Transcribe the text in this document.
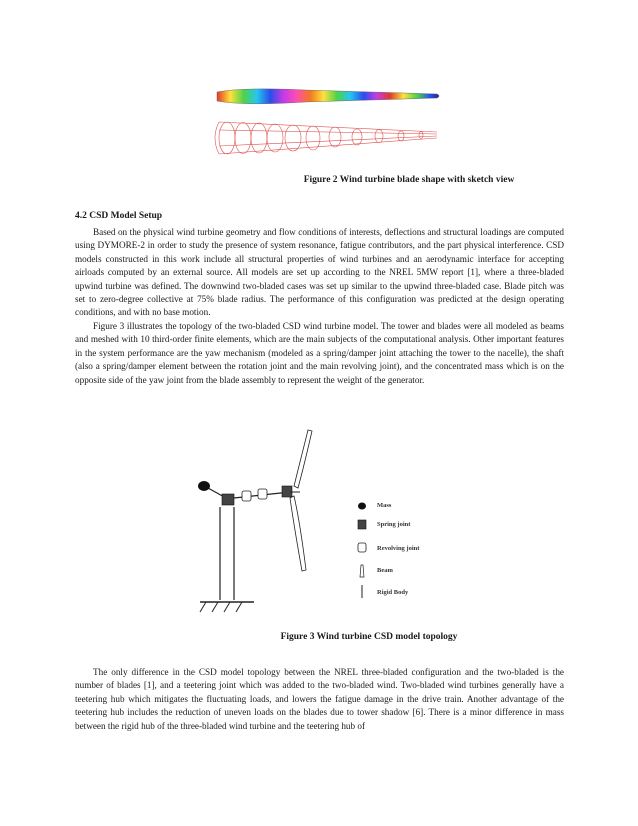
Figure 2 Wind turbine blade shape with sketch view
4.2 CSD Model Setup

Based on the physical wind turbine geometry and flow conditions of interests, deflections and structural loadings are computed using DYMORE-2 in order to study the presence of system resonance, fatigue contributors, and the part physical interference. CSD models constructed in this work include all structural properties of wind turbines and an aerodynamic interface for accepting airloads computed by an external source. All models are set up according to the NREL 5MW report [1], where a three-bladed upwind turbine was defined. The downwind two-bladed cases was set up similar to the upwind three-bladed case. Blade pitch was set to zero-degree collective at 75% blade radius. The performance of this configuration was predicted at the design operating conditions, and with no base motion.

Figure 3 illustrates the topology of the two-bladed CSD wind turbine model. The tower and blades were all modeled as beams and meshed with 10 third-order finite elements, which are the main subjects of the computational analysis. Other important features in the system performance are the yaw mechanism (modeled as a spring/damper joint attaching the tower to the nacelle), the shaft (also a spring/damper element between the rotation joint and the main revolving joint), and the concentrated mass which is on the opposite side of the yaw joint from the blade assembly to represent the weight of the generator.

Mass
Spring joint
Revolving joint
Beam
Rigid Body
Figure 3 Wind turbine CSD model topology

The only difference in the CSD model topology between the NREL three-bladed configuration and the two-bladed is the number of blades [1], and a teetering joint which was added to the two-bladed wind. Two-bladed wind turbines generally have a teetering hub which mitigates the fluctuating loads, and lowers the fatigue damage in the drive train. Another advantage of the teetering hub includes the reduction of uneven loads on the blades due to tower shadow [6]. There is a minor difference in mass between the rigid hub of the three-bladed wind turbine and the teetering hub of
